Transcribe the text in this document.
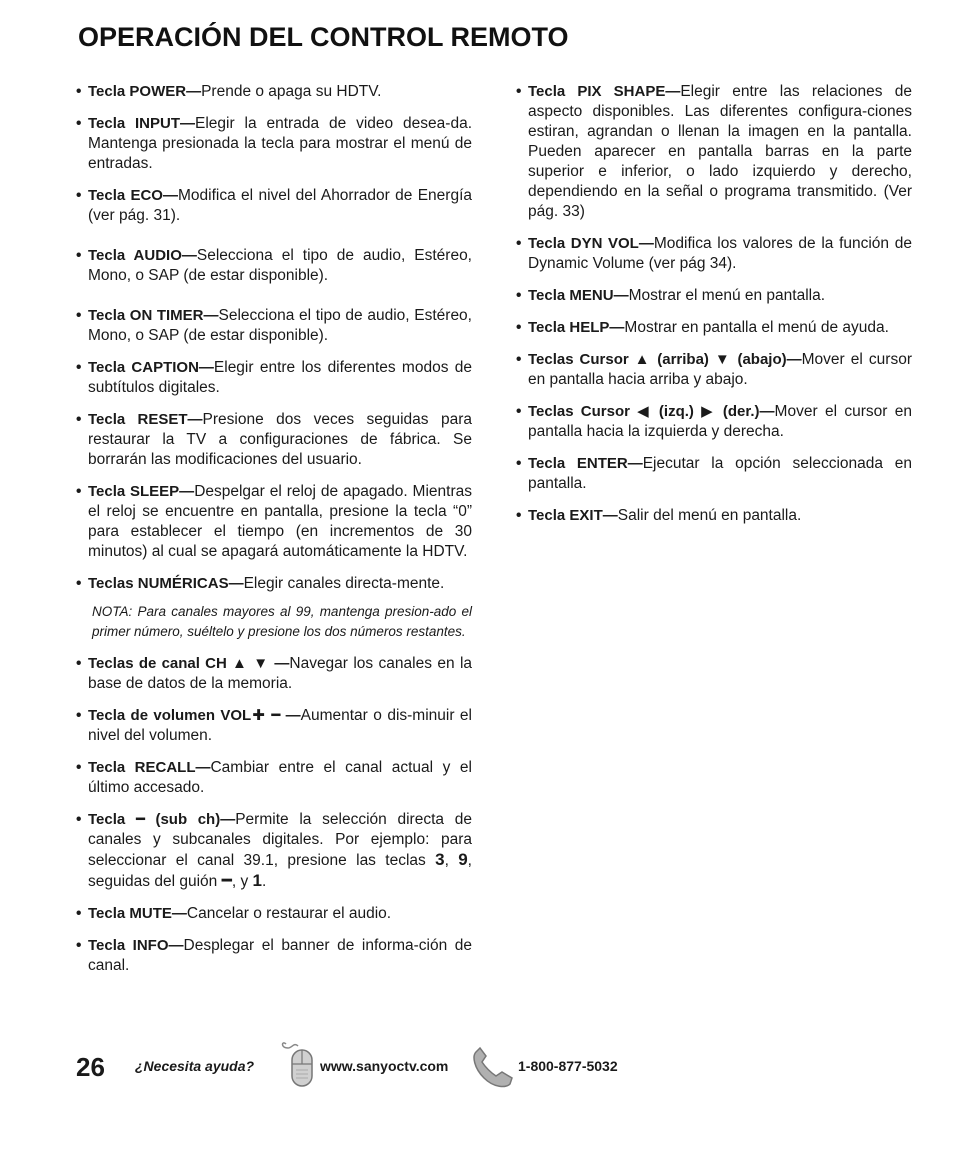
OPERACIÓN DEL CONTROL REMOTO
• Tecla POWER—Prende o apaga su HDTV.
• Tecla INPUT—Elegir la entrada de video desea-da. Mantenga presionada la tecla para mostrar el menú de entradas.
• Tecla ECO—Modifica el nivel del Ahorrador de Energía (ver pág. 31).
• Tecla AUDIO—Selecciona el tipo de audio, Estéreo, Mono, o SAP (de estar disponible).
• Tecla ON TIMER—Selecciona el tipo de audio, Estéreo, Mono, o SAP (de estar disponible).
• Tecla CAPTION—Elegir entre los diferentes modos de subtítulos digitales.
• Tecla RESET—Presione dos veces seguidas para restaurar la TV a configuraciones de fábrica. Se borrarán las modificaciones del usuario.
• Tecla SLEEP—Despelgar el reloj de apagado. Mientras el reloj se encuentre en pantalla, presione la tecla “0” para establecer el tiempo (en incrementos de 30 minutos) al cual se apagará automáticamente la HDTV.
• Teclas NUMÉRICAS—Elegir canales directa-mente.
NOTA: Para canales mayores al 99, mantenga presion-ado el primer número, suéltelo y presione los dos números restantes.
• Teclas de canal CH ▲ ▼ —Navegar los canales en la base de datos de la memoria.
• Tecla de volumen VOL✚ ━ —Aumentar o dis-minuir el nivel del volumen.
• Tecla RECALL—Cambiar entre el canal actual y el último accesado.
• Tecla ━ (sub ch)—Permite la selección directa de canales y subcanales digitales. Por ejemplo: para seleccionar el canal 39.1, presione las teclas 3, 9, seguidas del guión ━, y 1.
• Tecla MUTE—Cancelar o restaurar el audio.
• Tecla INFO—Desplegar el banner de informa-ción de canal.
• Tecla PIX SHAPE—Elegir entre las relaciones de aspecto disponibles. Las diferentes configura-ciones estiran, agrandan o llenan la imagen en la pantalla. Pueden aparecer en pantalla barras en la parte superior e inferior, o lado izquierdo y derecho, dependiendo en la señal o programa transmitido. (Ver pág. 33)
• Tecla DYN VOL—Modifica los valores de la función de Dynamic Volume (ver pág 34).
• Tecla MENU—Mostrar el menú en pantalla.
• Tecla HELP—Mostrar en pantalla el menú de ayuda.
• Teclas Cursor ▲ (arriba) ▼ (abajo)—Mover el cursor en pantalla hacia arriba y abajo.
• Teclas Cursor ◀ (izq.) ▶ (der.)—Mover el cursor en pantalla hacia la izquierda y derecha.
• Tecla ENTER—Ejecutar la opción seleccionada en pantalla.
• Tecla EXIT—Salir del menú en pantalla.
26 ¿Necesita ayuda?	www.sanyoctv.com	1-800-877-5032
